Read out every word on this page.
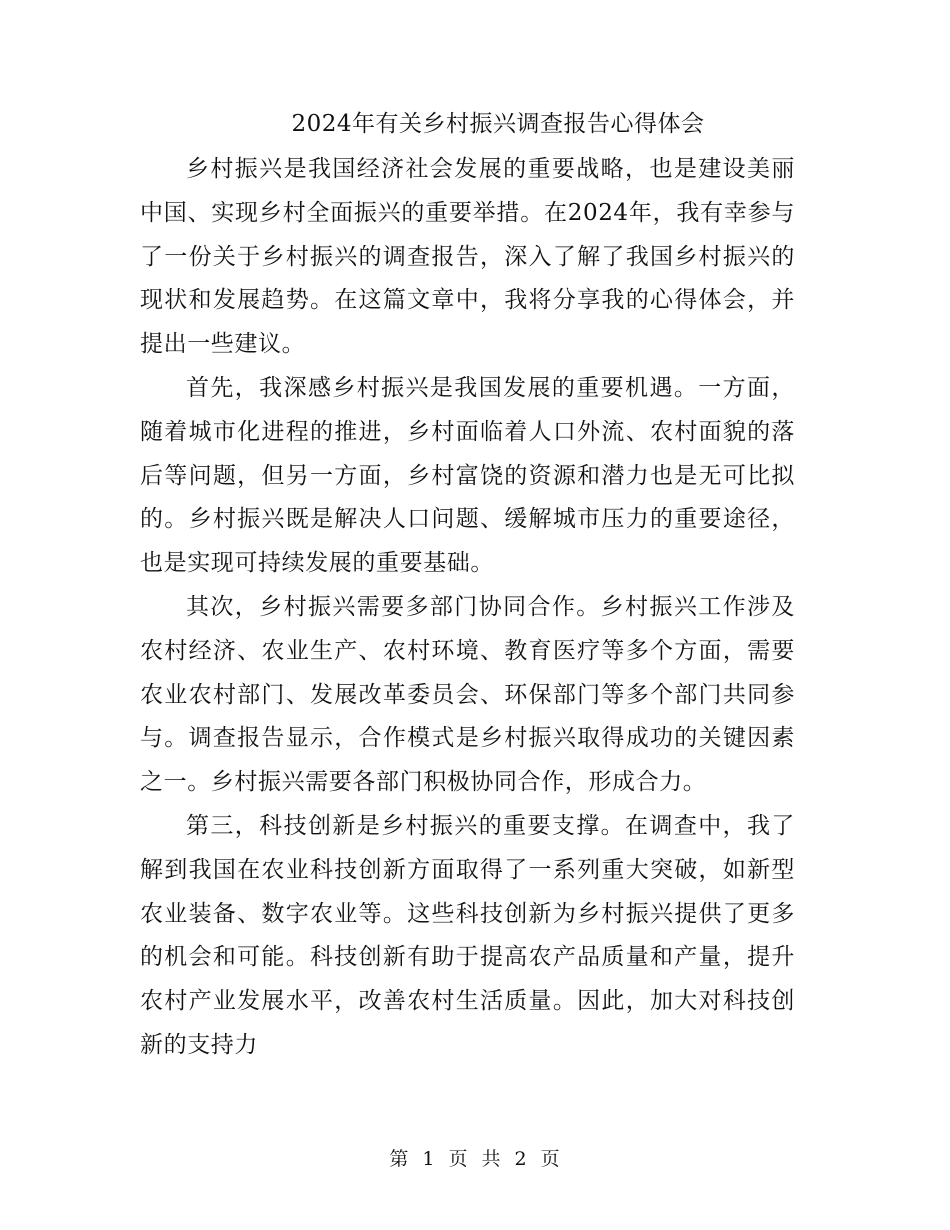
2024年有关乡村振兴调查报告心得体会

乡村振兴是我国经济社会发展的重要战略，也是建设美丽中国、实现乡村全面振兴的重要举措。在2024年，我有幸参与了一份关于乡村振兴的调查报告，深入了解了我国乡村振兴的现状和发展趋势。在这篇文章中，我将分享我的心得体会，并提出一些建议。

首先，我深感乡村振兴是我国发展的重要机遇。一方面，随着城市化进程的推进，乡村面临着人口外流、农村面貌的落后等问题，但另一方面，乡村富饶的资源和潜力也是无可比拟的。乡村振兴既是解决人口问题、缓解城市压力的重要途径，也是实现可持续发展的重要基础。

其次，乡村振兴需要多部门协同合作。乡村振兴工作涉及农村经济、农业生产、农村环境、教育医疗等多个方面，需要农业农村部门、发展改革委员会、环保部门等多个部门共同参与。调查报告显示，合作模式是乡村振兴取得成功的关键因素之一。乡村振兴需要各部门积极协同合作，形成合力。

第三，科技创新是乡村振兴的重要支撑。在调查中，我了解到我国在农业科技创新方面取得了一系列重大突破，如新型农业装备、数字农业等。这些科技创新为乡村振兴提供了更多的机会和可能。科技创新有助于提高农产品质量和产量，提升农村产业发展水平，改善农村生活质量。因此，加大对科技创新的支持力

第 1 页 共 2 页
